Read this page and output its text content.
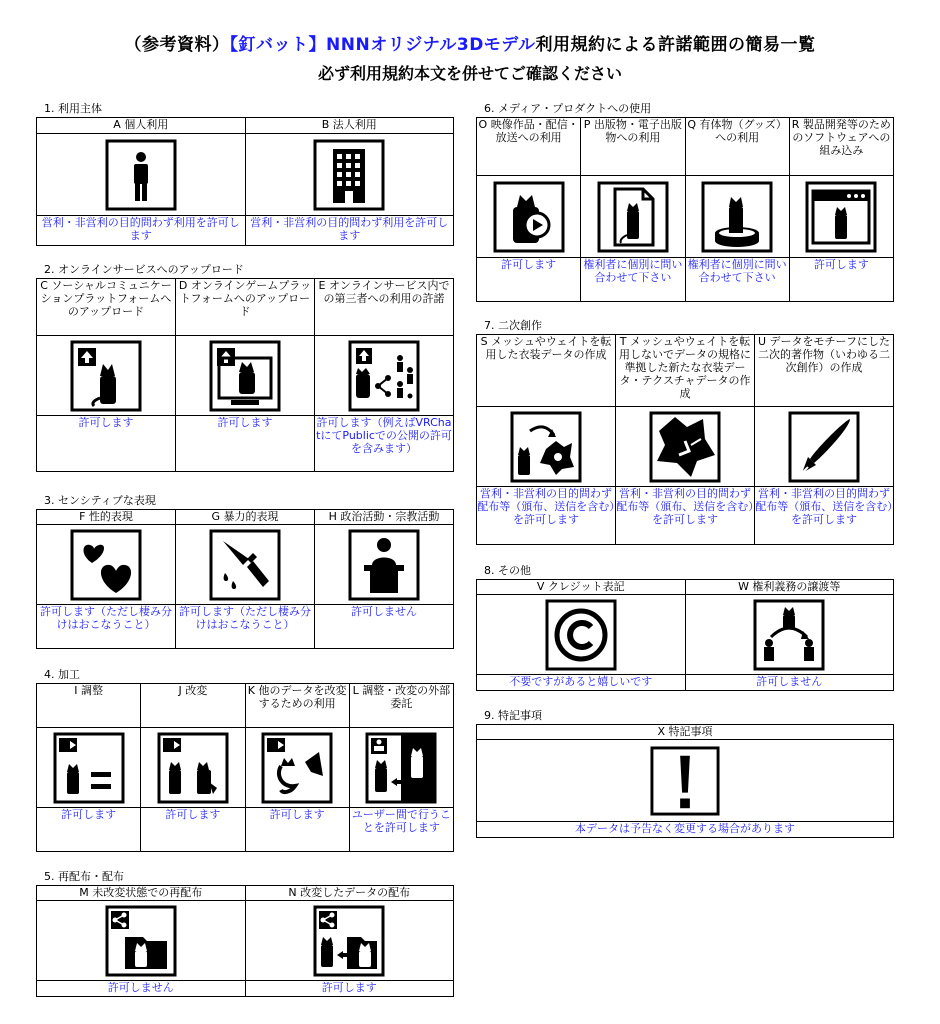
（参考資料）【釘バット】NNNオリジナル3Dモデル利用規約による許諾範囲の簡易一覧
必ず利用規約本文を併せてご確認ください
1. 利用主体
A 個人利用	B 法人利用

営利・非営利の目的問わず利用を許可します	営利・非営利の目的問わず利用を許可します
2. オンラインサービスへのアップロード
C ソーシャルコミュニケーションプラットフォームへのアップロード	D オンラインゲームプラットフォームへのアップロード	E オンラインサービス内での第三者への利用の許諾

許可します	許可します	許可します（例えばVRChatにてPublicでの公開の許可を含みます）
3. センシティブな表現
F 性的表現	G 暴力的表現	H 政治活動・宗教活動

許可します（ただし棲み分けはおこなうこと）	許可します（ただし棲み分けはおこなうこと）	許可しません
4. 加工
I 調整	J 改変	K 他のデータを改変するための利用	L 調整・改変の外部委託

許可します	許可します	許可します	ユーザー間で行うことを許可します
5. 再配布・配布
M 未改変状態での再配布	N 改変したデータの配布

許可しません	許可します
6. メディア・プロダクトへの使用
O 映像作品・配信・放送への利用	P 出版物・電子出版物への利用	Q 有体物（グッズ）への利用	R 製品開発等のためのソフトウェアへの組み込み

許可します	権利者に個別に問い合わせて下さい	権利者に個別に問い合わせて下さい	許可します
7. 二次創作
S メッシュやウェイトを転用した衣装データの作成	T メッシュやウェイトを転用しないでデータの規格に準拠した新たな衣装データ・テクスチャデータの作成	U データをモチーフにした二次的著作物（いわゆる二次創作）の作成

営利・非営利の目的問わず配布等（頒布、送信を含む）を許可します	営利・非営利の目的問わず配布等（頒布、送信を含む）を許可します	営利・非営利の目的問わず配布等（頒布、送信を含む）を許可します
8. その他
V クレジット表記	W 権利義務の譲渡等

不要ですがあると嬉しいです	許可しません
9. 特記事項
X 特記事項

本データは予告なく変更する場合があります
